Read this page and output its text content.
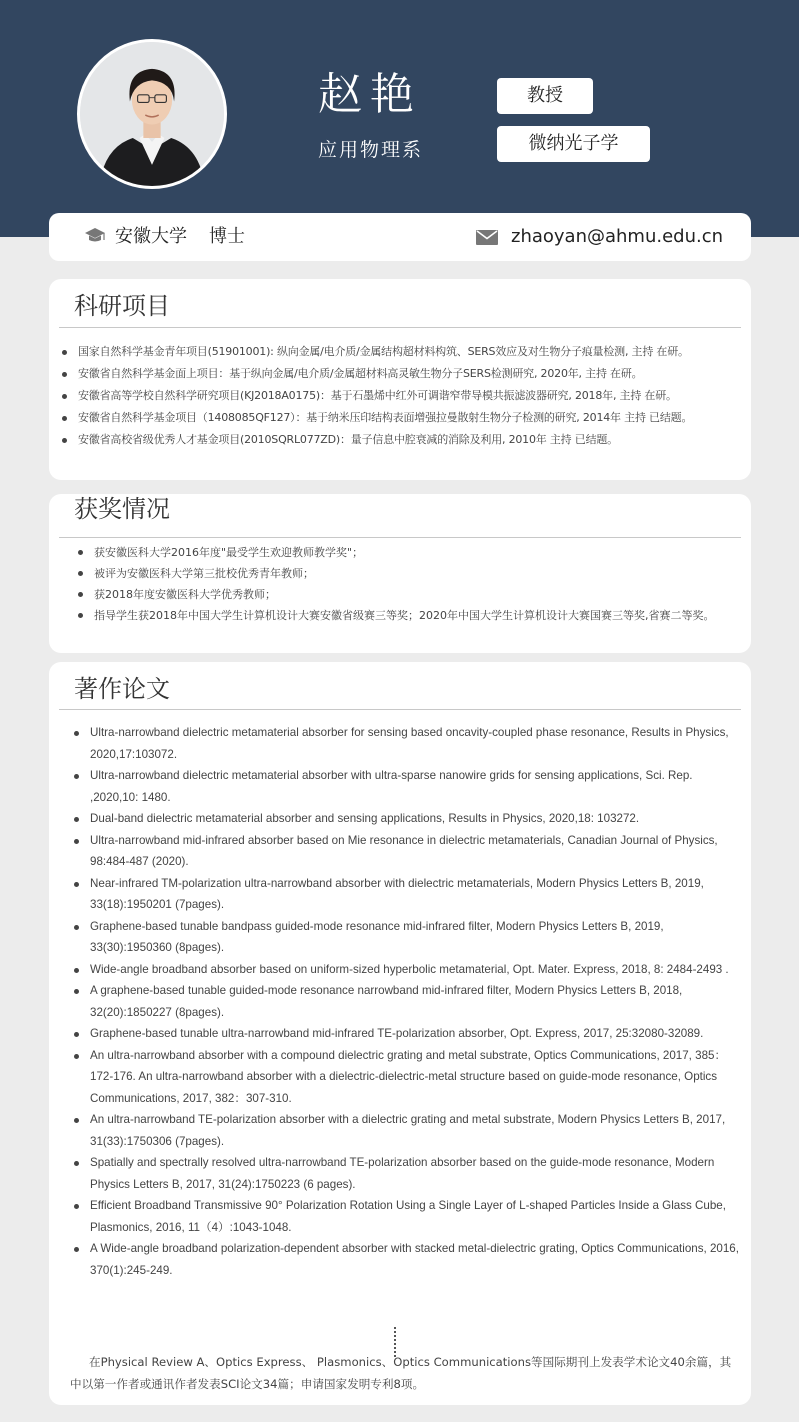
赵艳
应用物理系
教授
微纳光子学
安徽大学 博士	zhaoyan@ahmu.edu.cn
科研项目
国家自然科学基金青年项目(51901001): 纵向金属/电介质/金属结构超材料构筑、SERS效应及对生物分子痕量检测, 主持 在研。
安徽省自然科学基金面上项目：基于纵向金属/电介质/金属超材料高灵敏生物分子SERS检测研究, 2020年, 主持 在研。
安徽省高等学校自然科学研究项目(KJ2018A0175)：基于石墨烯中红外可调谐窄带导模共振滤波器研究, 2018年, 主持 在研。
安徽省自然科学基金项目（1408085QF127）：基于纳米压印结构表面增强拉曼散射生物分子检测的研究, 2014年 主持 已结题。
安徽省高校省级优秀人才基金项目(2010SQRL077ZD)：量子信息中腔衰减的消除及利用, 2010年 主持 已结题。
获奖情况
获安徽医科大学2016年度"最受学生欢迎教师教学奖"；
被评为安徽医科大学第三批校优秀青年教师；
获2018年度安徽医科大学优秀教师；
指导学生获2018年中国大学生计算机设计大赛安徽省级赛三等奖；2020年中国大学生计算机设计大赛国赛三等奖,省赛二等奖。
著作论文
Ultra-narrowband dielectric metamaterial absorber for sensing based oncavity-coupled phase resonance, Results in Physics, 2020,17:103072.
Ultra-narrowband dielectric metamaterial absorber with ultra-sparse nanowire grids for sensing applications, Sci. Rep. ,2020,10: 1480.
Dual-band dielectric metamaterial absorber and sensing applications, Results in Physics, 2020,18: 103272.
Ultra-narrowband mid-infrared absorber based on Mie resonance in dielectric metamaterials, Canadian Journal of Physics, 98:484-487 (2020).
Near-infrared TM-polarization ultra-narrowband absorber with dielectric metamaterials, Modern Physics Letters B, 2019, 33(18):1950201 (7pages).
Graphene-based tunable bandpass guided-mode resonance mid-infrared filter, Modern Physics Letters B, 2019, 33(30):1950360 (8pages).
Wide-angle broadband absorber based on uniform-sized hyperbolic metamaterial, Opt. Mater. Express, 2018, 8: 2484-2493 .
A graphene-based tunable guided-mode resonance narrowband mid-infrared filter, Modern Physics Letters B, 2018, 32(20):1850227 (8pages).
Graphene-based tunable ultra-narrowband mid-infrared TE-polarization absorber, Opt. Express, 2017, 25:32080-32089.
An ultra-narrowband absorber with a compound dielectric grating and metal substrate, Optics Communications, 2017, 385：172-176. An ultra-narrowband absorber with a dielectric-dielectric-metal structure based on guide-mode resonance, Optics Communications, 2017, 382：307-310.
An ultra-narrowband TE-polarization absorber with a dielectric grating and metal substrate, Modern Physics Letters B, 2017, 31(33):1750306 (7pages).
Spatially and spectrally resolved ultra-narrowband TE-polarization absorber based on the guide-mode resonance, Modern Physics Letters B, 2017, 31(24):1750223 (6 pages).
Efficient Broadband Transmissive 90° Polarization Rotation Using a Single Layer of L-shaped Particles Inside a Glass Cube, Plasmonics, 2016, 11（4）:1043-1048.
A Wide-angle broadband polarization-dependent absorber with stacked metal-dielectric grating, Optics Communications, 2016, 370(1):245-249.

在Physical Review A、Optics Express、 Plasmonics、Optics Communications等国际期刊上发表学术论文40余篇，其中以第一作者或通讯作者发表SCI论文34篇；申请国家发明专利8项。
